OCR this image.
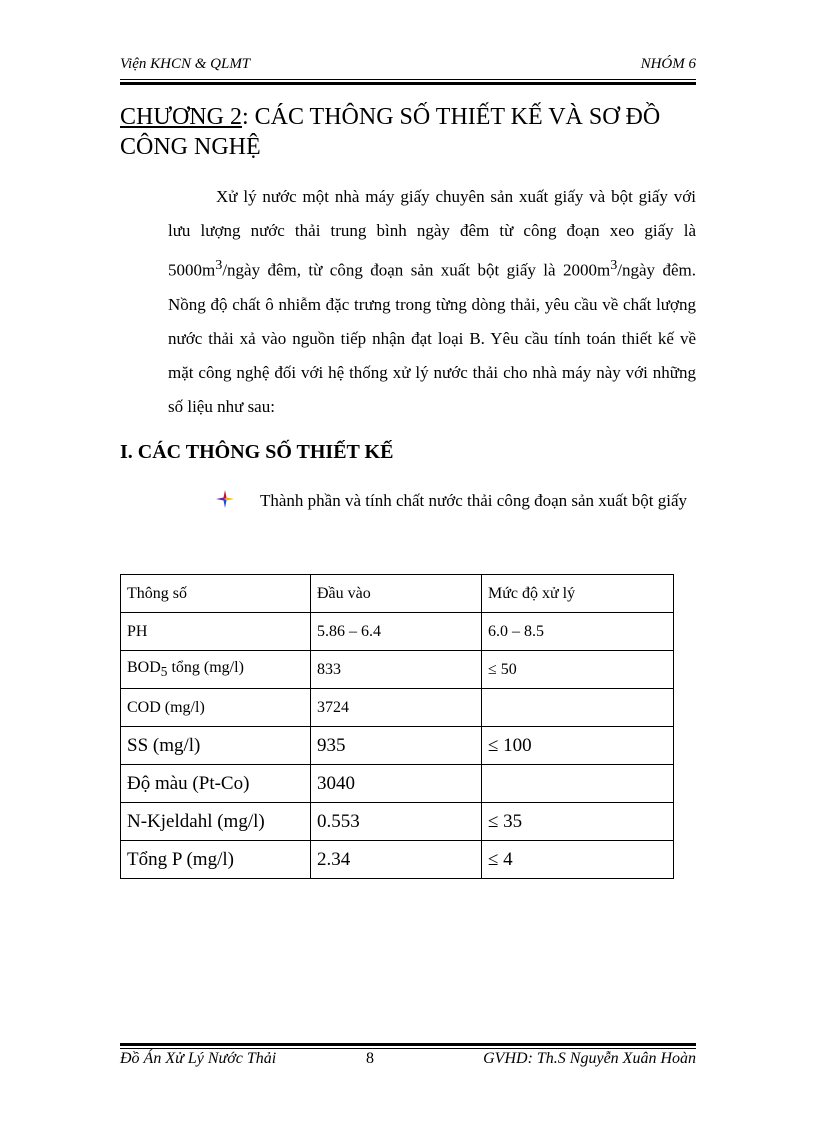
Viện KHCN & QLMT	NHÓM 6
CHƯƠNG 2: CÁC THÔNG SỐ THIẾT KẾ VÀ SƠ ĐỒ CÔNG NGHỆ

Xử lý nước một nhà máy giấy chuyên sản xuất giấy và bột giấy với lưu lượng nước thải trung bình ngày đêm từ công đoạn xeo giấy là $5000m^3$/ngày đêm, từ công đoạn sản xuất bột giấy là $2000m^3$/ngày đêm. Nồng độ chất ô nhiễm đặc trưng trong từng dòng thải, yêu cầu về chất lượng nước thải xả vào nguồn tiếp nhận đạt loại B. Yêu cầu tính toán thiết kế về mặt công nghệ đối với hệ thống xử lý nước thải cho nhà máy này với những số liệu như sau:

I. CÁC THÔNG SỐ THIẾT KẾ
Thành phần và tính chất nước thải công đoạn sản xuất bột giấy
Thông số	Đầu vào	Mức độ xử lý
PH	5.86 – 6.4	6.0 – 8.5
$BOD_5$ tổng (mg/l)	833	≤ 50
COD (mg/l)	3724	
SS (mg/l)	935	≤ 100
Độ màu (Pt-Co)	3040	
N-Kjeldahl (mg/l)	0.553	≤ 35
Tổng P (mg/l)	2.34	≤ 4
Đồ Án Xử Lý Nước Thải	8	GVHD: Th.S Nguyễn Xuân Hoàn
